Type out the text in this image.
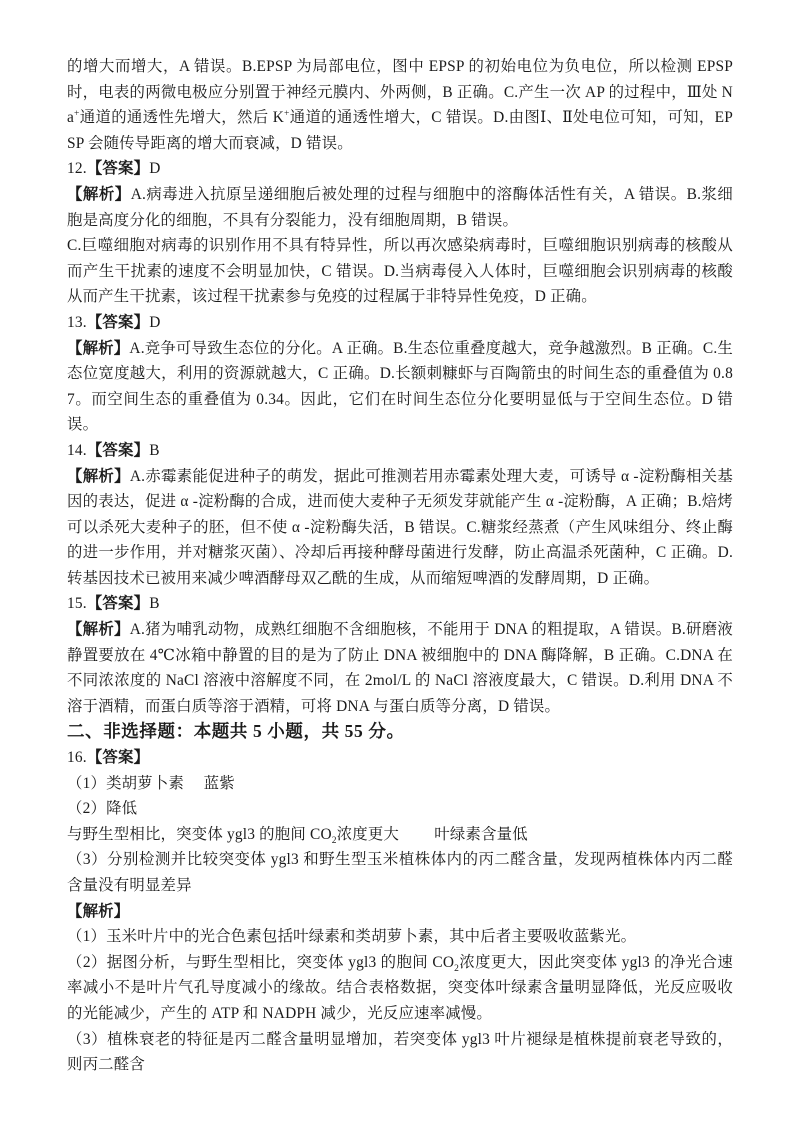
的增大而增大，A 错误。B.EPSP 为局部电位，图中 EPSP 的初始电位为负电位，所以检测 EPSP 时，电表的两微电极应分别置于神经元膜内、外两侧，B 正确。C.产生一次 AP 的过程中，Ⅲ处 Na+通道的通透性先增大，然后 K+通道的通透性增大，C 错误。D.由图Ⅰ、Ⅱ处电位可知，可知，EPSP 会随传导距离的增大而衰减，D 错误。

12.【答案】D

【解析】A.病毒进入抗原呈递细胞后被处理的过程与细胞中的溶酶体活性有关，A 错误。B.浆细胞是高度分化的细胞，不具有分裂能力，没有细胞周期，B 错误。

C.巨噬细胞对病毒的识别作用不具有特异性，所以再次感染病毒时，巨噬细胞识别病毒的核酸从而产生干扰素的速度不会明显加快，C 错误。D.当病毒侵入人体时，巨噬细胞会识别病毒的核酸从而产生干扰素，该过程干扰素参与免疫的过程属于非特异性免疫，D 正确。

13.【答案】D

【解析】A.竞争可导致生态位的分化。A 正确。B.生态位重叠度越大，竞争越激烈。B 正确。C.生态位宽度越大，利用的资源就越大，C 正确。D.长额刺糠虾与百陶箭虫的时间生态的重叠值为 0.87。而空间生态的重叠值为 0.34。因此，它们在时间生态位分化要明显低与于空间生态位。D 错误。

14.【答案】B

【解析】A.赤霉素能促进种子的萌发，据此可推测若用赤霉素处理大麦，可诱导 α -淀粉酶相关基因的表达，促进 α -淀粉酶的合成，进而使大麦种子无须发芽就能产生 α -淀粉酶，A 正确；B.焙烤可以杀死大麦种子的胚，但不使 α -淀粉酶失活，B 错误。C.糖浆经蒸煮（产生风味组分、终止酶的进一步作用，并对糖浆灭菌）、冷却后再接种酵母菌进行发酵，防止高温杀死菌种，C 正确。D.转基因技术已被用来减少啤酒酵母双乙酰的生成，从而缩短啤酒的发酵周期，D 正确。

15.【答案】B

【解析】A.猪为哺乳动物，成熟红细胞不含细胞核，不能用于 DNA 的粗提取，A 错误。B.研磨液静置要放在 4℃冰箱中静置的目的是为了防止 DNA 被细胞中的 DNA 酶降解，B 正确。C.DNA 在不同浓浓度的 NaCl 溶液中溶解度不同，在 2mol/L 的 NaCl 溶液度最大，C 错误。D.利用 DNA 不溶于酒精，而蛋白质等溶于酒精，可将 DNA 与蛋白质等分离，D 错误。

二、非选择题：本题共 5 小题，共 55 分。

16.【答案】

（1）类胡萝卜素　 蓝紫

（2）降低

与野生型相比，突变体 ygl3 的胞间 $CO_2$浓度更大　　 叶绿素含量低

（3）分别检测并比较突变体 ygl3 和野生型玉米植株体内的丙二醛含量，发现两植株体内丙二醛含量没有明显差异

【解析】

（1）玉米叶片中的光合色素包括叶绿素和类胡萝卜素，其中后者主要吸收蓝紫光。

（2）据图分析，与野生型相比，突变体 ygl3 的胞间 $CO_2$浓度更大，因此突变体 ygl3 的净光合速率减小不是叶片气孔导度减小的缘故。结合表格数据，突变体叶绿素含量明显降低，光反应吸收的光能减少，产生的 ATP 和 NADPH 减少，光反应速率减慢。

（3）植株衰老的特征是丙二醛含量明显增加，若突变体 ygl3 叶片褪绿是植株提前衰老导致的，则丙二醛含
